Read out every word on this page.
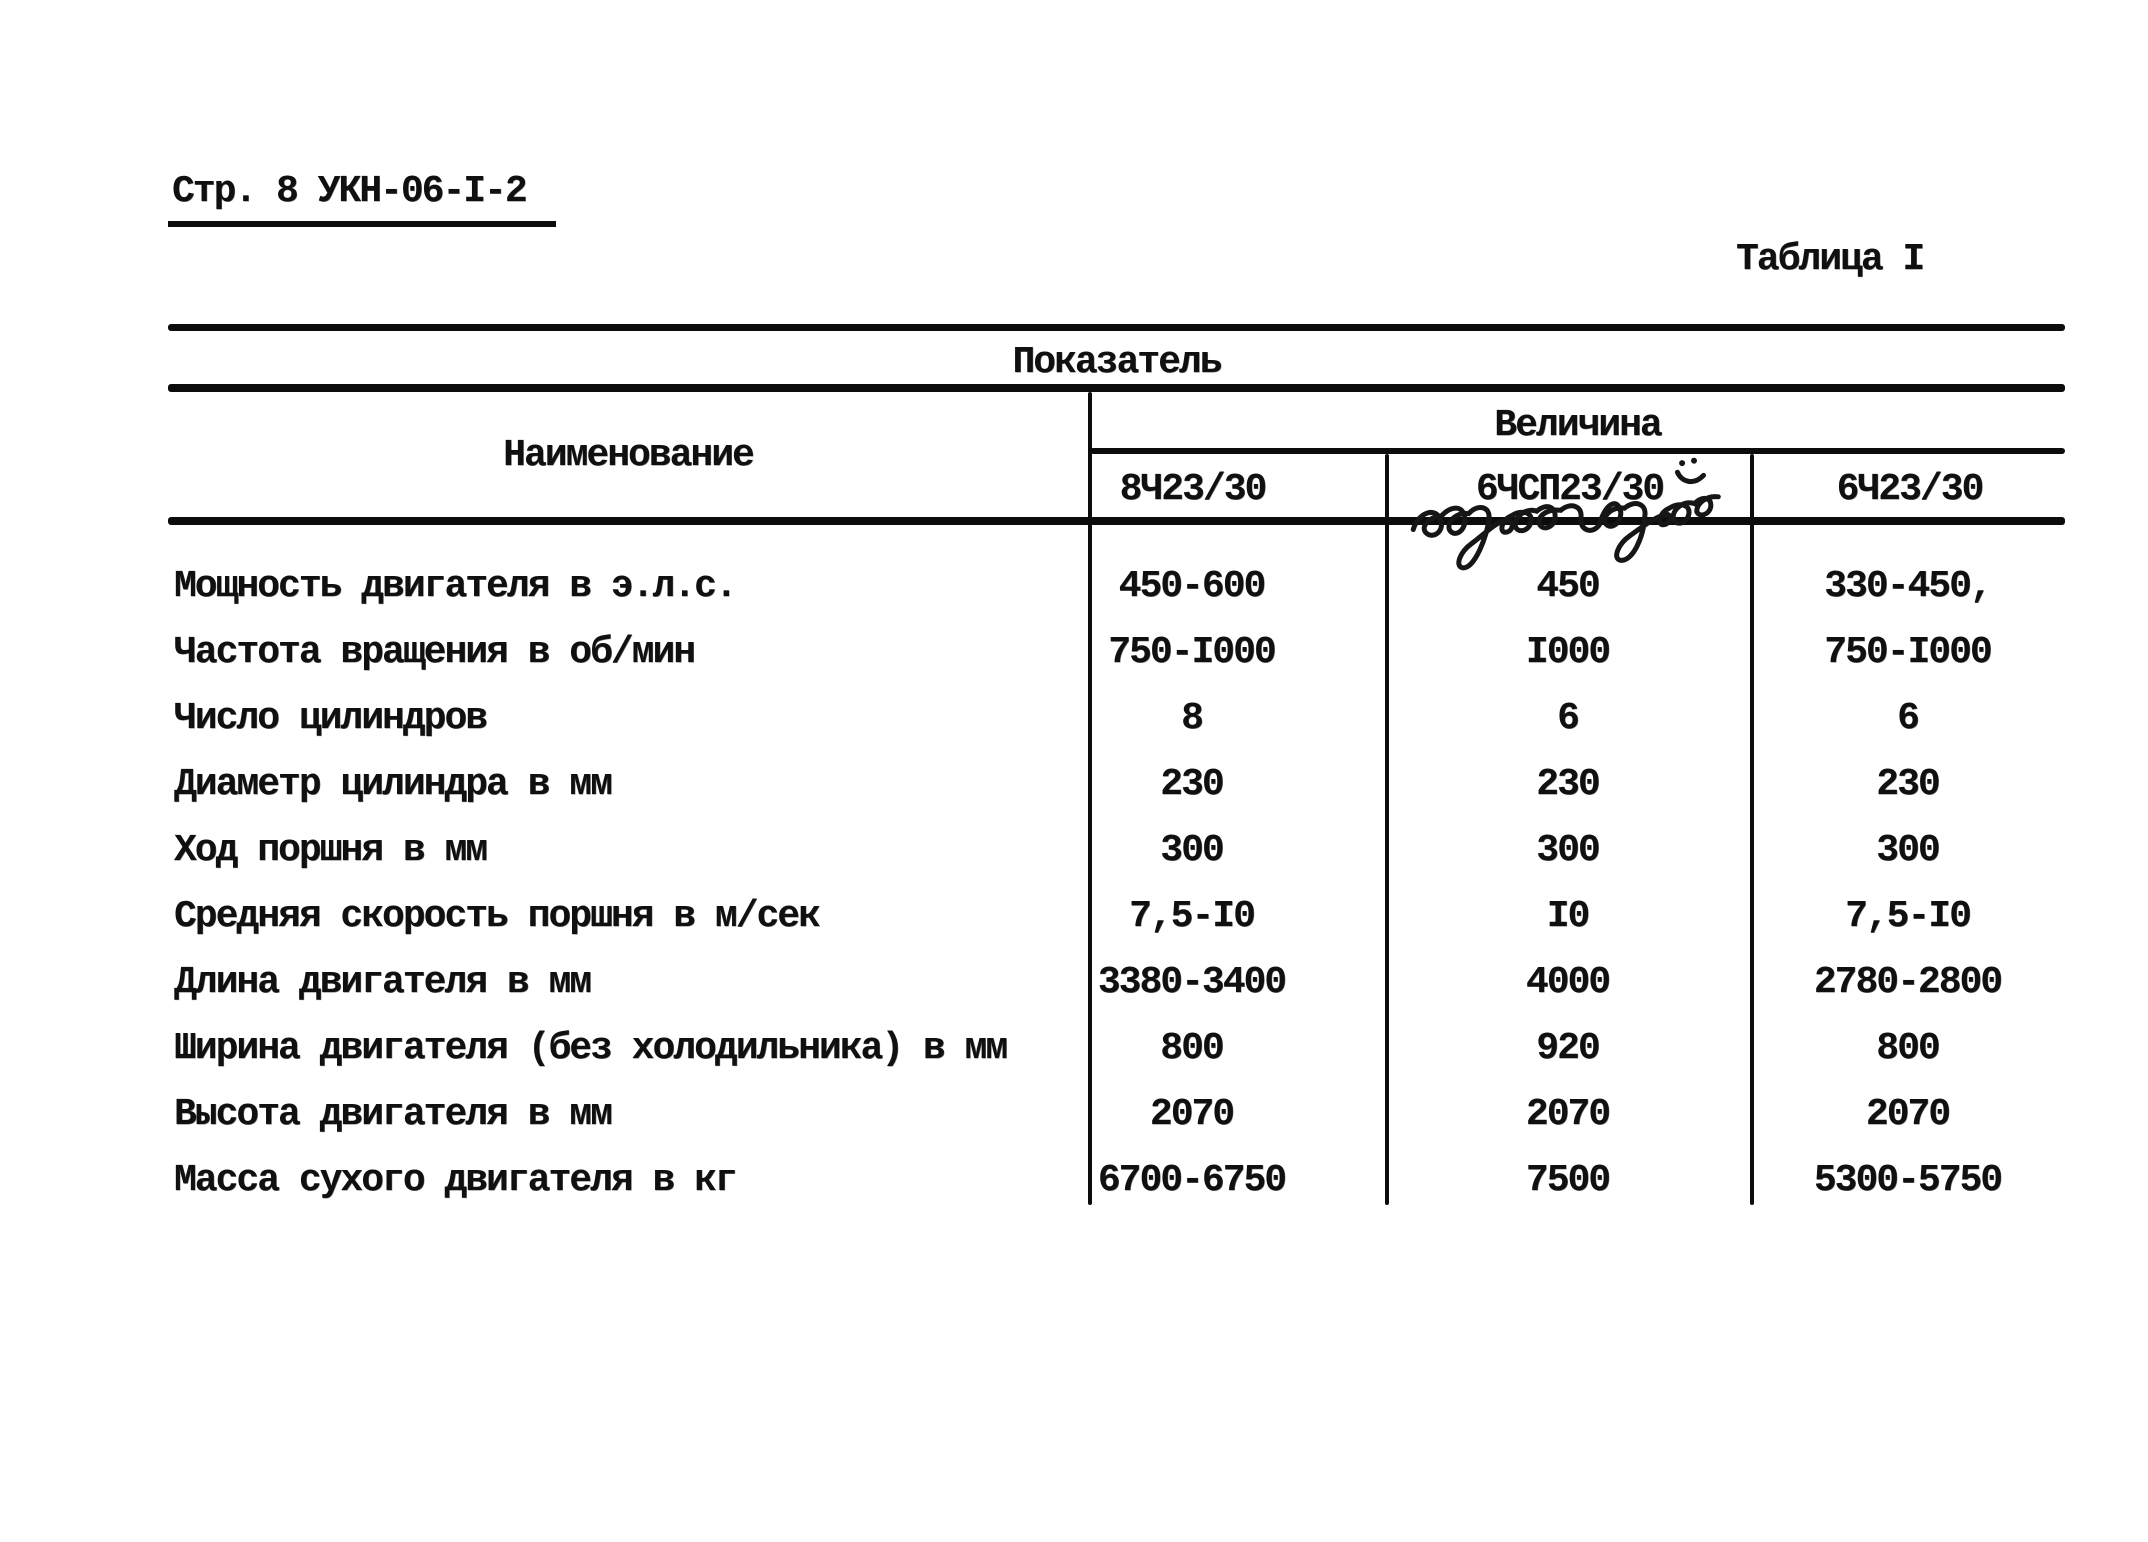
Стр. 8 УКН-06-I-2
Таблица I
Показатель
Наименование
Величина
8Ч23/30	6ЧСП23/30	6Ч23/30
Мощность двигателя в э.л.с.	450-600	450	330-450,
Частота вращения в об/мин	750-I000	I000	750-I000
Число цилиндров	8	6	6
Диаметр цилиндра в мм	230	230	230
Ход поршня в мм	300	300	300
Средняя скорость поршня в м/сек	7,5-I0	I0	7,5-I0
Длина двигателя в мм	3380-3400	4000	2780-2800
Ширина двигателя (без холодильника) в мм	800	920	800
Высота двигателя в мм	2070	2070	2070
Масса сухого двигателя в кг	6700-6750	7500	5300-5750
